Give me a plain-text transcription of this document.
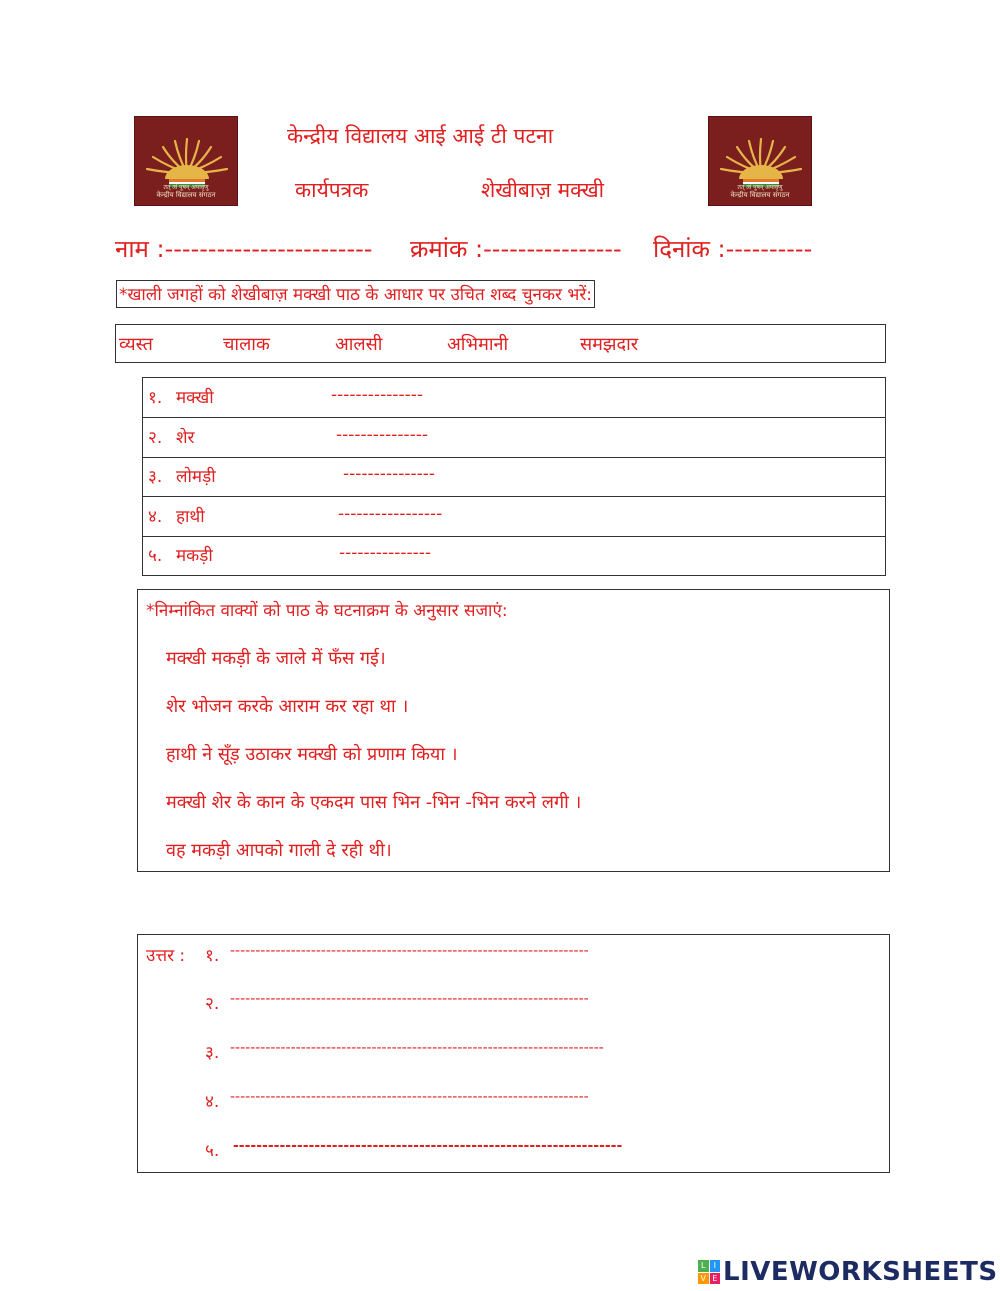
तत् त्वं पूषन् अपावृणु
केन्द्रीय विद्यालय संगठन
तत् त्वं पूषन् अपावृणु
केन्द्रीय विद्यालय संगठन
केन्द्रीय विद्यालय आई आई टी पटना
कार्यपत्रक	शेखीबाज़ मक्खी
नाम :------------------------ क्रमांक :---------------- दिनांक :----------
*खाली जगहों को शेखीबाज़ मक्खी पाठ के आधार पर उचित शब्द चुनकर भरें:
व्यस्त	चालाक	आलसी	अभिमानी	समझदार
१. मक्खी	---------------
२. शेर	---------------
३. लोमड़ी	---------------
४. हाथी	-----------------
५. मकड़ी	---------------
*निम्नांकित वाक्यों को पाठ के घटनाक्रम के अनुसार सजाएं:
मक्खी मकड़ी के जाले में फँस गई।
शेर भोजन करके आराम कर रहा था ।
हाथी ने सूँड़ उठाकर मक्खी को प्रणाम किया ।
मक्खी शेर के कान के एकदम पास भिन -भिन -भिन करने लगी ।
वह मकड़ी आपको गाली दे रही थी।
उत्तर : १. -----------------------------------------------------------------------
२. -----------------------------------------------------------------------
३. --------------------------------------------------------------------------
४. -----------------------------------------------------------------------
५. -------------------------------------------------------------------
L	I
V E LIVEWORKSHEETS
